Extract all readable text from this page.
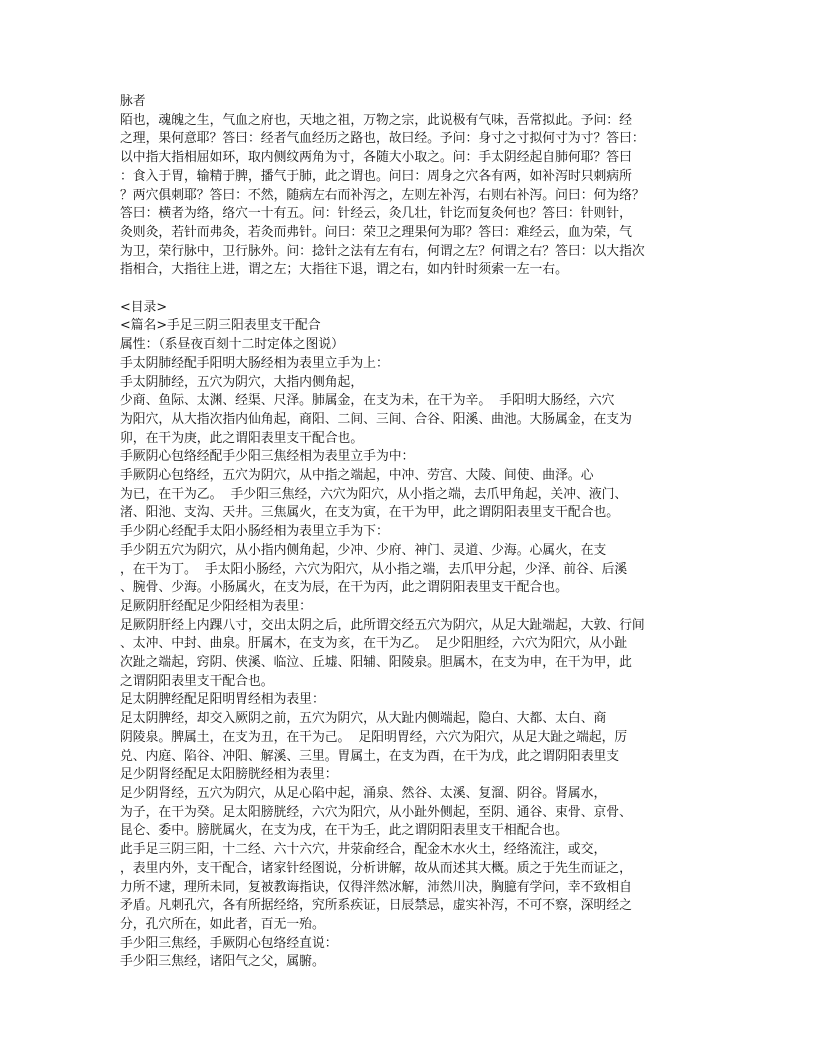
脉者
陌也，魂魄之生，气血之府也，天地之祖，万物之宗，此说极有气味，吾常拟此。予问：经
之理，果何意耶？答曰：经者气血经历之路也，故曰经。予问：身寸之寸拟何寸为寸？答曰：
以中指大指相屈如环，取内侧纹两角为寸，各随大小取之。问：手太阴经起自肺何耶？答曰
：食入于胃，输精于脾，播气于肺，此之谓也。问曰：周身之穴各有两，如补泻时只刺病所
？两穴俱刺耶？答曰：不然，随病左右而补泻之，左则左补泻，右则右补泻。问曰：何为络？
答曰：横者为络，络穴一十有五。问：针经云，灸几壮，针讫而复灸何也？答曰：针则针，
灸则灸，若针而弗灸，若灸而弗针。问曰：荣卫之理果何为耶？答曰：难经云，血为荣，气
为卫，荣行脉中，卫行脉外。问：捻针之法有左有右，何谓之左？何谓之右？答曰：以大指次
指相合，大指往上进，谓之左；大指往下退，谓之右，如内针时须索一左一右。
<目录>
<篇名>手足三阴三阳表里支干配合
属性：（系昼夜百刻十二时定体之图说）
手太阴肺经配手阳明大肠经相为表里立手为上：
手太阴肺经，五穴为阴穴，大指内侧角起，
少商、鱼际、太渊、经渠、尺泽。肺属金，在支为未，在干为辛。  手阳明大肠经，六穴
为阳穴，从大指次指内仙角起，商阳、二间、三间、合谷、阳溪、曲池。大肠属金，在支为
卯，在干为庚，此之谓阳表里支干配合也。
手厥阴心包络经配手少阳三焦经相为表里立手为中：
手厥阴心包络经，五穴为阴穴，从中指之端起，中冲、劳宫、大陵、间使、曲泽。心
为已，在干为乙。  手少阳三焦经，六穴为阳穴，从小指之端，去爪甲角起，关冲、液门、
渚、阳池、支沟、天井。三焦属火，在支为寅，在干为甲，此之谓阴阳表里支干配合也。
手少阴心经配手太阳小肠经相为表里立手为下：
手少阴五穴为阴穴，从小指内侧角起，少冲、少府、神门、灵道、少海。心属火，在支
，在干为丁。  手太阳小肠经，六穴为阳穴，从小指之端，去爪甲分起，少泽、前谷、后溪
、腕骨、少海。小肠属火，在支为辰，在干为丙，此之谓阴阳表里支干配合也。
足厥阴肝经配足少阳经相为表里：
足厥阴肝经上内踝八寸，交出太阴之后，此所谓交经五穴为阴穴，从足大趾端起，大敦、行间
、太冲、中封、曲泉。肝属木，在支为亥，在干为乙。  足少阳胆经，六穴为阳穴，从小趾
次趾之端起，窍阴、侠溪、临泣、丘墟、阳辅、阳陵泉。胆属木，在支为申，在干为甲，此
之谓阴阳表里支干配合也。
足太阴脾经配足阳明胃经相为表里：
足太阴脾经，却交入厥阴之前，五穴为阴穴，从大趾内侧端起，隐白、大都、太白、商
阴陵泉。脾属土，在支为丑，在干为己。  足阳明胃经，六穴为阳穴，从足大趾之端起，厉
兑、内庭、陷谷、冲阳、解溪、三里。胃属土，在支为酉，在干为戊，此之谓阴阳表里支
足少阴肾经配足太阳膀胱经相为表里：
足少阴肾经，五穴为阴穴，从足心陷中起，涌泉、然谷、太溪、复溜、阴谷。肾属水，
为子，在干为癸。足太阳膀胱经，六穴为阳穴，从小趾外侧起，至阴、通谷、束骨、京骨、
昆仑、委中。膀胱属火，在支为戌，在干为壬，此之谓阴阳表里支干相配合也。
此手足三阴三阳，十二经、六十六穴，井荥俞经合，配金木水火土，经络流注，或交，
，表里内外，支干配合，诸家针经图说，分析讲解，故从而述其大概。质之于先生而证之，
力所不逮，理所未同，复被教诲指诀，仅得泮然冰解，沛然川决，胸臆有学问，幸不致相自
矛盾。凡刺孔穴，各有所据经络，究所系疾证，日辰禁忌，虚实补泻，不可不察，深明经之
分，孔穴所在，如此者，百无一殆。
手少阳三焦经，手厥阴心包络经直说：
手少阳三焦经，诸阳气之父，属腑。
